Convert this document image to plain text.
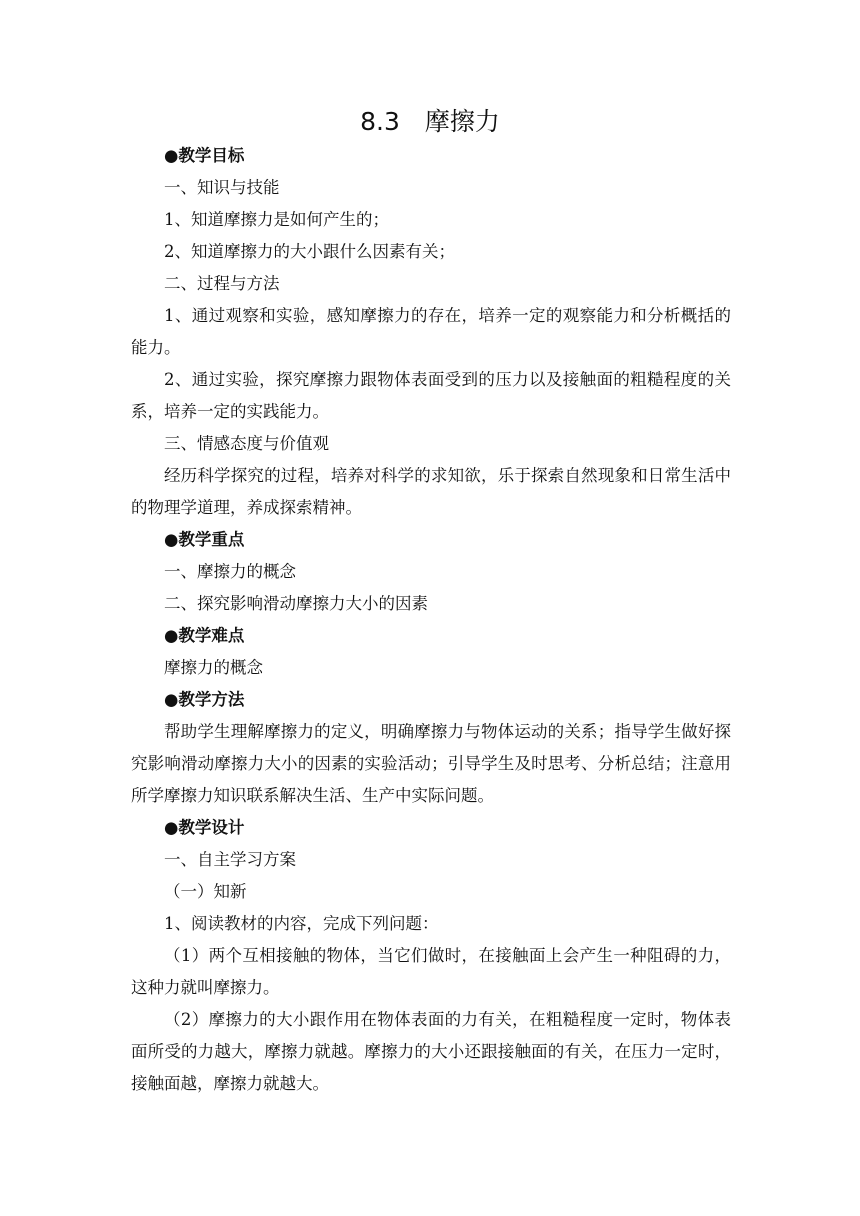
8.3　摩擦力

●教学目标

一、知识与技能

1、知道摩擦力是如何产生的；

2、知道摩擦力的大小跟什么因素有关；

二、过程与方法

1、通过观察和实验，感知摩擦力的存在，培养一定的观察能力和分析概括的能力。

2、通过实验，探究摩擦力跟物体表面受到的压力以及接触面的粗糙程度的关系，培养一定的实践能力。

三、情感态度与价值观

经历科学探究的过程，培养对科学的求知欲，乐于探索自然现象和日常生活中的物理学道理，养成探索精神。

●教学重点

一、摩擦力的概念

二、探究影响滑动摩擦力大小的因素

●教学难点

摩擦力的概念

●教学方法

帮助学生理解摩擦力的定义，明确摩擦力与物体运动的关系；指导学生做好探究影响滑动摩擦力大小的因素的实验活动；引导学生及时思考、分析总结；注意用所学摩擦力知识联系解决生活、生产中实际问题。

●教学设计

一、自主学习方案

（一）知新

1、阅读教材的内容，完成下列问题：

（1）两个互相接触的物体，当它们做时，在接触面上会产生一种阻碍的力，这种力就叫摩擦力。

（2）摩擦力的大小跟作用在物体表面的力有关，在粗糙程度一定时，物体表面所受的力越大，摩擦力就越。摩擦力的大小还跟接触面的有关，在压力一定时，接触面越，摩擦力就越大。
